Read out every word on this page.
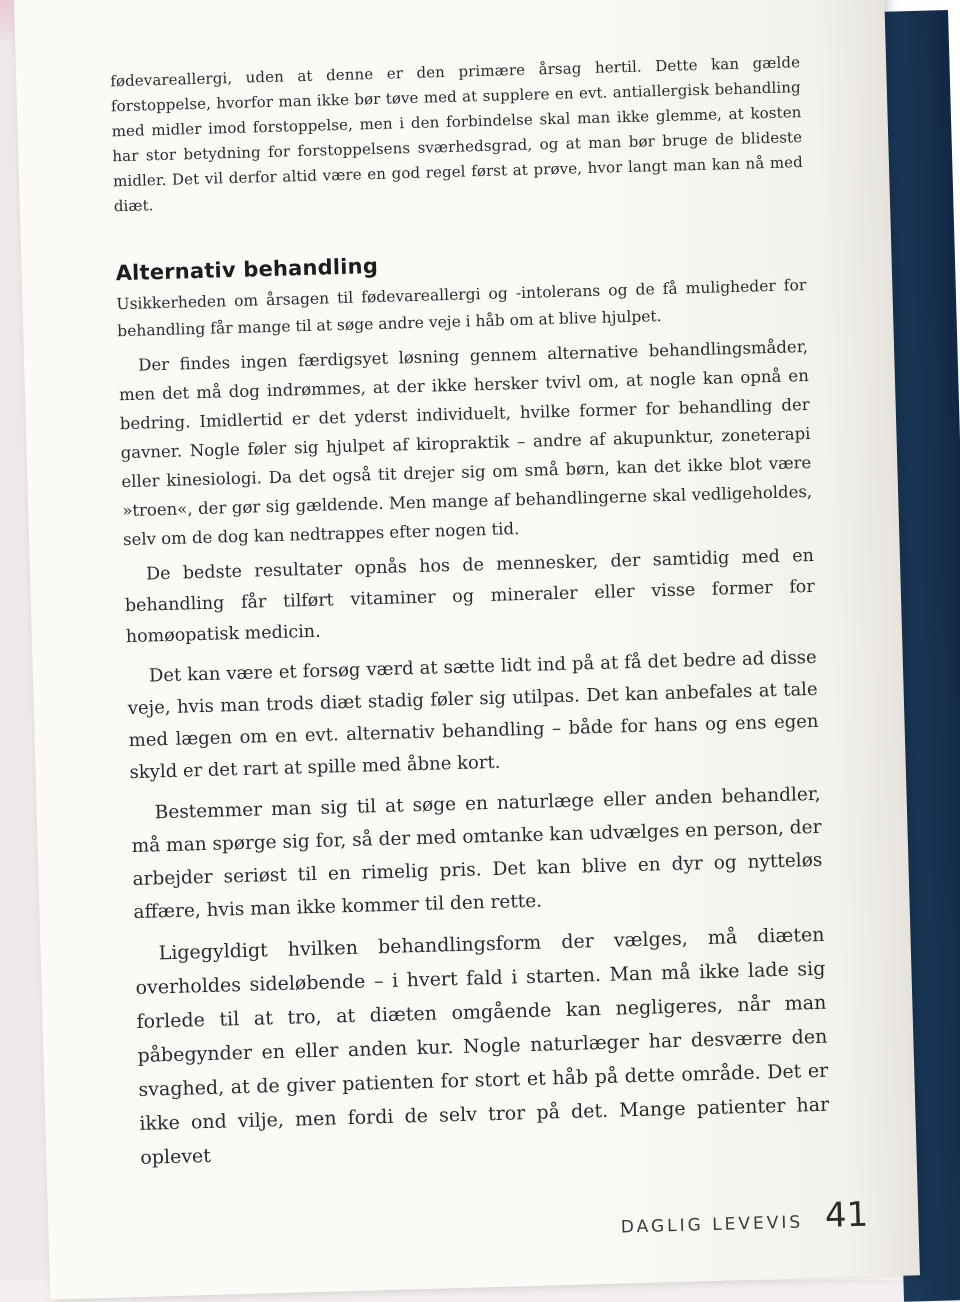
fødevareallergi, uden at denne er den primære årsag hertil. Dette kan gælde forstoppelse, hvorfor man ikke bør tøve med at supplere en evt. antiallergisk behandling med midler imod forstoppelse, men i den forbindelse skal man ikke glemme, at kosten har stor betydning for forstoppelsens sværhedsgrad, og at man bør bruge de blideste midler. Det vil derfor altid være en god regel først at prøve, hvor langt man kan nå med diæt.

Alternativ behandling

Usikkerheden om årsagen til fødevareallergi og -intolerans og de få muligheder for behandling får mange til at søge andre veje i håb om at blive hjulpet.

Der findes ingen færdigsyet løsning gennem alternative behandlingsmåder, men det må dog indrømmes, at der ikke hersker tvivl om, at nogle kan opnå en bedring. Imidlertid er det yderst individuelt, hvilke former for behandling der gavner. Nogle føler sig hjulpet af kiropraktik – andre af akupunktur, zoneterapi eller kinesiologi. Da det også tit drejer sig om små børn, kan det ikke blot være »troen«, der gør sig gældende. Men mange af behandlingerne skal vedligeholdes, selv om de dog kan nedtrappes efter nogen tid.

De bedste resultater opnås hos de mennesker, der samtidig med en behandling får tilført vitaminer og mineraler eller visse former for homøopatisk medicin.

Det kan være et forsøg værd at sætte lidt ind på at få det bedre ad disse veje, hvis man trods diæt stadig føler sig utilpas. Det kan anbefales at tale med lægen om en evt. alternativ behandling – både for hans og ens egen skyld er det rart at spille med åbne kort.

Bestemmer man sig til at søge en naturlæge eller anden behandler, må man spørge sig for, så der med omtanke kan udvælges en person, der arbejder seriøst til en rimelig pris. Det kan blive en dyr og nytteløs affære, hvis man ikke kommer til den rette.

Ligegyldigt hvilken behandlingsform der vælges, må diæten overholdes sideløbende – i hvert fald i starten. Man må ikke lade sig forlede til at tro, at diæten omgående kan negligeres, når man påbegynder en eller anden kur. Nogle naturlæger har desværre den svaghed, at de giver patienten for stort et håb på dette område. Det er ikke ond vilje, men fordi de selv tror på det. Mange patienter har oplevet

DAGLIG LEVEVIS 41
